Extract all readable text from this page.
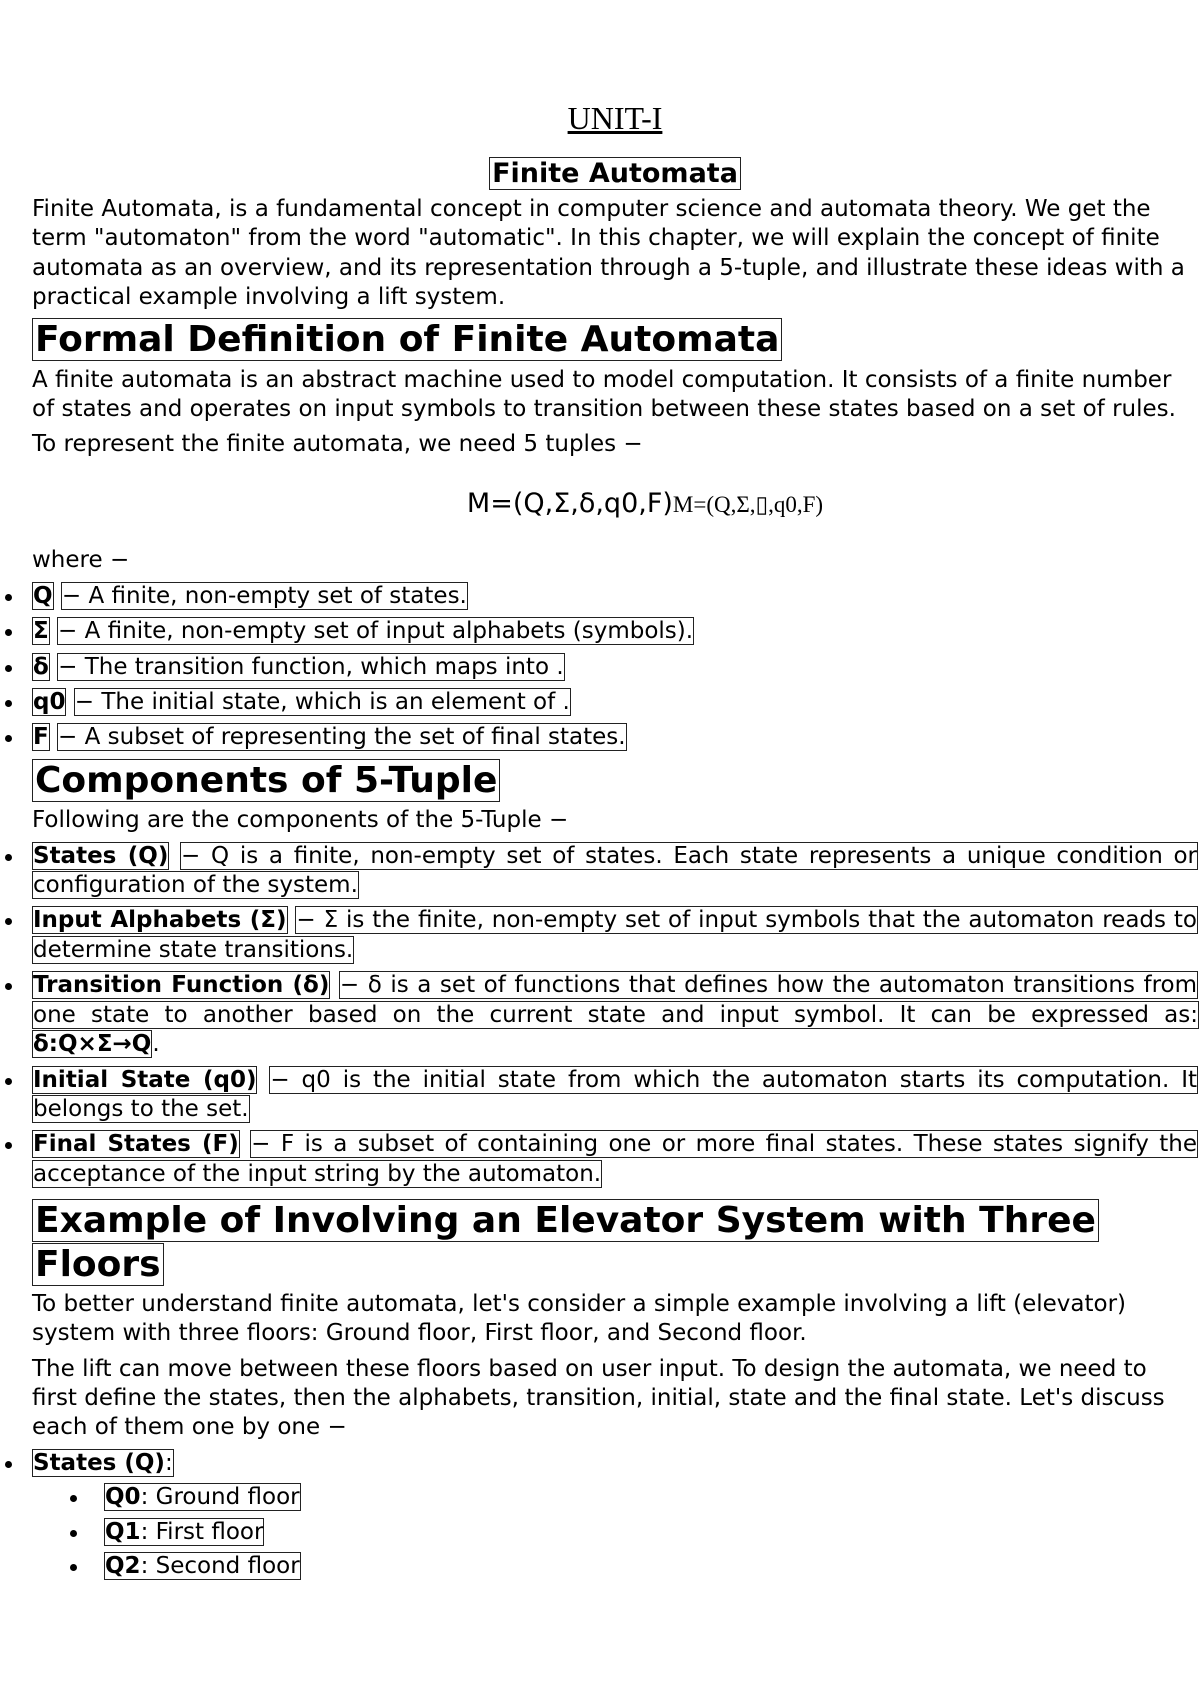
UNIT-I
Finite Automata

Finite Automata, is a fundamental concept in computer science and automata theory. We get the term "automaton" from the word "automatic". In this chapter, we will explain the concept of finite automata as an overview, and its representation through a 5-tuple, and illustrate these ideas with a practical example involving a lift system.

Formal Definition of Finite Automata

A finite automata is an abstract machine used to model computation. It consists of a finite number of states and operates on input symbols to transition between these states based on a set of rules.

To represent the finite automata, we need 5 tuples −

M=(Q,Σ,δ,q0,F)M=(Q,Σ,▯,q0,F)

where −

Q − A finite, non-empty set of states.
Σ − A finite, non-empty set of input alphabets (symbols).
δ − The transition function, which maps into .
q0 − The initial state, which is an element of .
F − A subset of representing the set of final states.
Components of 5-Tuple

Following are the components of the 5-Tuple −

States (Q) − Q is a finite, non-empty set of states. Each state represents a unique condition or configuration of the system.
Input Alphabets (Σ) − Σ is the finite, non-empty set of input symbols that the automaton reads to determine state transitions.
Transition Function (δ) − δ is a set of functions that defines how the automaton transitions from one state to another based on the current state and input symbol. It can be expressed as: δ:Q×Σ→Q.
Initial State (q0) − q0 is the initial state from which the automaton starts its computation. It belongs to the set.
Final States (F) − F is a subset of containing one or more final states. These states signify the acceptance of the input string by the automaton.
Example of Involving an Elevator System with Three
Floors

To better understand finite automata, let's consider a simple example involving a lift (elevator) system with three floors: Ground floor, First floor, and Second floor.

The lift can move between these floors based on user input. To design the automata, we need to first define the states, then the alphabets, transition, initial, state and the final state. Let's discuss each of them one by one −

States (Q):
Q0: Ground floor
Q1: First floor
Q2: Second floor
